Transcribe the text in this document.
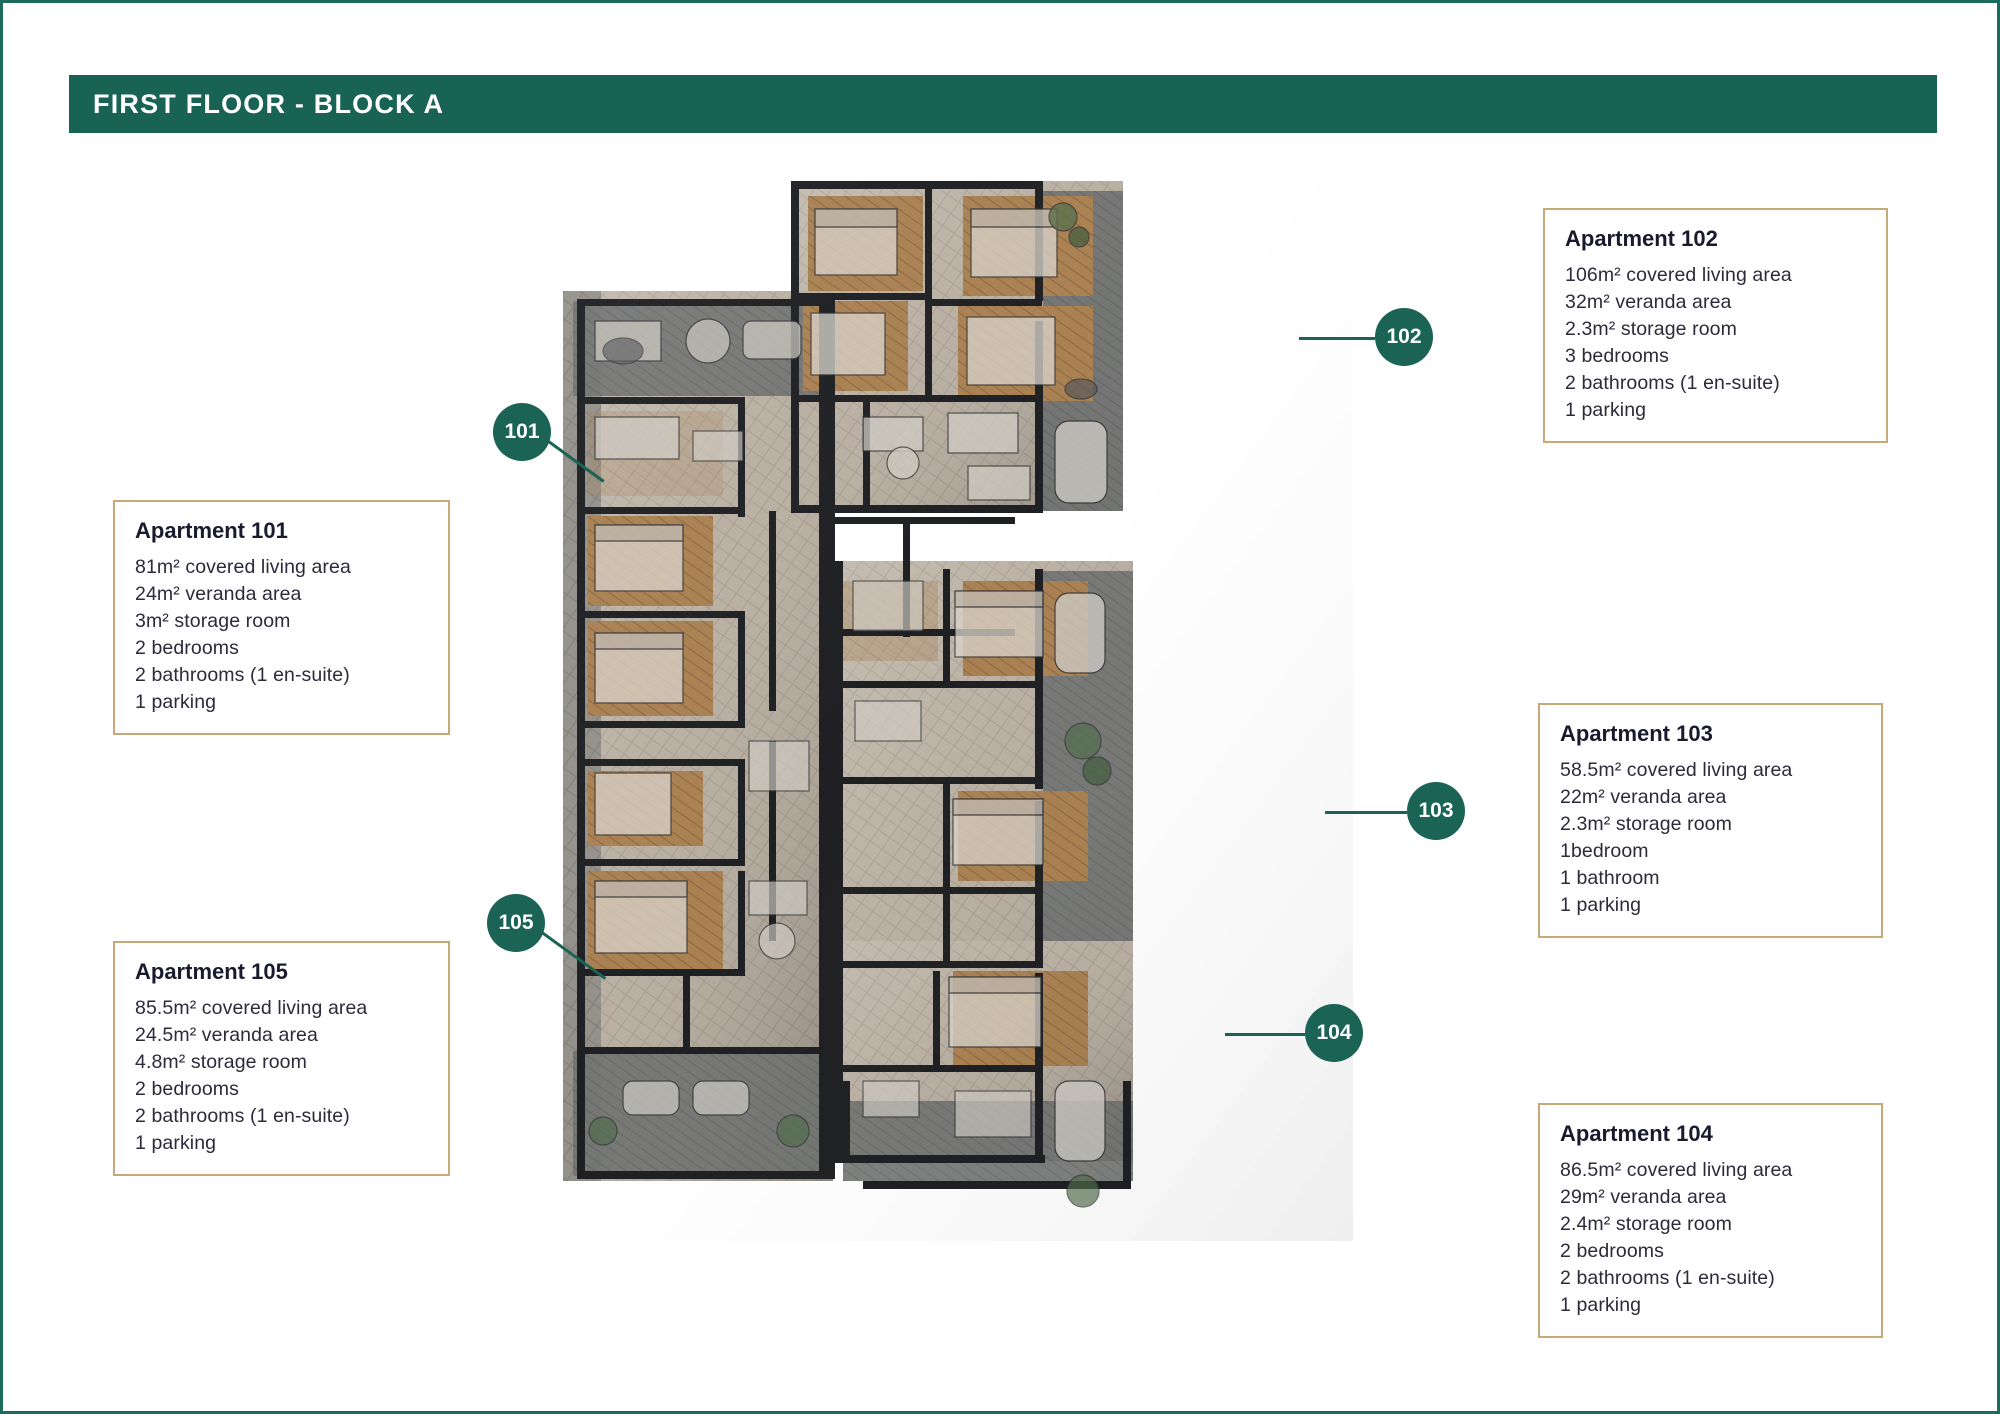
FIRST FLOOR - BLOCK A
101
102
103
104
105
Apartment 101
81m² covered living area
24m² veranda area
3m² storage room
2 bedrooms
2 bathrooms (1 en-suite)
1 parking
Apartment 105
85.5m² covered living area
24.5m² veranda area
4.8m² storage room
2 bedrooms
2 bathrooms (1 en-suite)
1 parking
Apartment 102
106m² covered living area
32m² veranda area
2.3m² storage room
3 bedrooms
2 bathrooms (1 en-suite)
1 parking
Apartment 103
58.5m² covered living area
22m² veranda area
2.3m² storage room
1bedroom
1 bathroom
1 parking
Apartment 104
86.5m² covered living area
29m² veranda area
2.4m² storage room
2 bedrooms
2 bathrooms (1 en-suite)
1 parking
